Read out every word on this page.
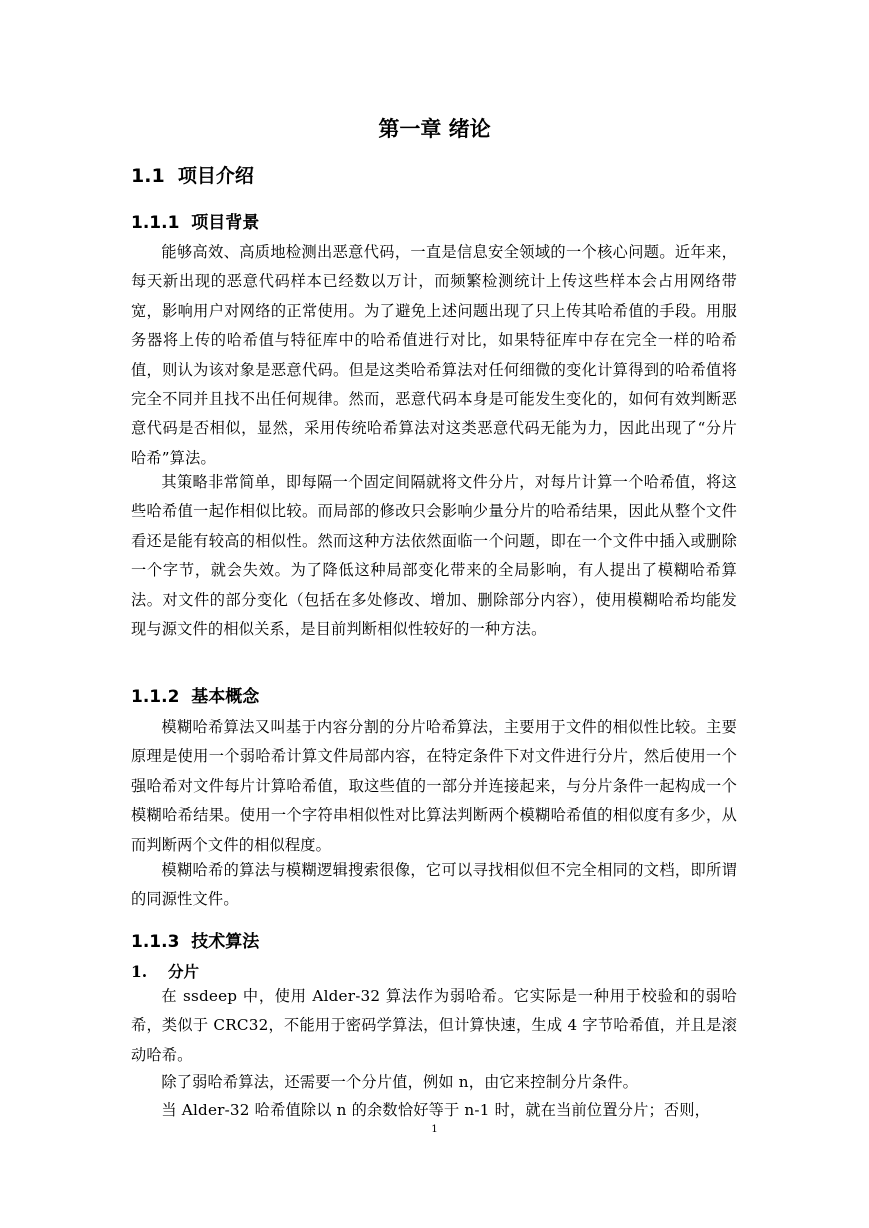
第一章 绪论
1.1 项目介绍
1.1.1 项目背景

能够高效、高质地检测出恶意代码，一直是信息安全领域的一个核心问题。近年来，每天新出现的恶意代码样本已经数以万计，而频繁检测统计上传这些样本会占用网络带宽，影响用户对网络的正常使用。为了避免上述问题出现了只上传其哈希值的手段。用服务器将上传的哈希值与特征库中的哈希值进行对比，如果特征库中存在完全一样的哈希值，则认为该对象是恶意代码。但是这类哈希算法对任何细微的变化计算得到的哈希值将完全不同并且找不出任何规律。然而，恶意代码本身是可能发生变化的，如何有效判断恶意代码是否相似，显然，采用传统哈希算法对这类恶意代码无能为力，因此出现了“分片哈希”算法。

其策略非常简单，即每隔一个固定间隔就将文件分片，对每片计算一个哈希值，将这些哈希值一起作相似比较。而局部的修改只会影响少量分片的哈希结果，因此从整个文件看还是能有较高的相似性。然而这种方法依然面临一个问题，即在一个文件中插入或删除一个字节，就会失效。为了降低这种局部变化带来的全局影响，有人提出了模糊哈希算法。对文件的部分变化（包括在多处修改、增加、删除部分内容），使用模糊哈希均能发现与源文件的相似关系，是目前判断相似性较好的一种方法。

1.1.2 基本概念

模糊哈希算法又叫基于内容分割的分片哈希算法，主要用于文件的相似性比较。主要原理是使用一个弱哈希计算文件局部内容，在特定条件下对文件进行分片，然后使用一个强哈希对文件每片计算哈希值，取这些值的一部分并连接起来，与分片条件一起构成一个模糊哈希结果。使用一个字符串相似性对比算法判断两个模糊哈希值的相似度有多少，从而判断两个文件的相似程度。

模糊哈希的算法与模糊逻辑搜索很像，它可以寻找相似但不完全相同的文档，即所谓的同源性文件。

1.1.3 技术算法

1. 分片

在 ssdeep 中，使用 Alder-32 算法作为弱哈希。它实际是一种用于校验和的弱哈希，类似于 CRC32，不能用于密码学算法，但计算快速，生成 4 字节哈希值，并且是滚动哈希。

除了弱哈希算法，还需要一个分片值，例如 n，由它来控制分片条件。

当 Alder-32 哈希值除以 n 的余数恰好等于 n-1 时，就在当前位置分片；否则，

1
